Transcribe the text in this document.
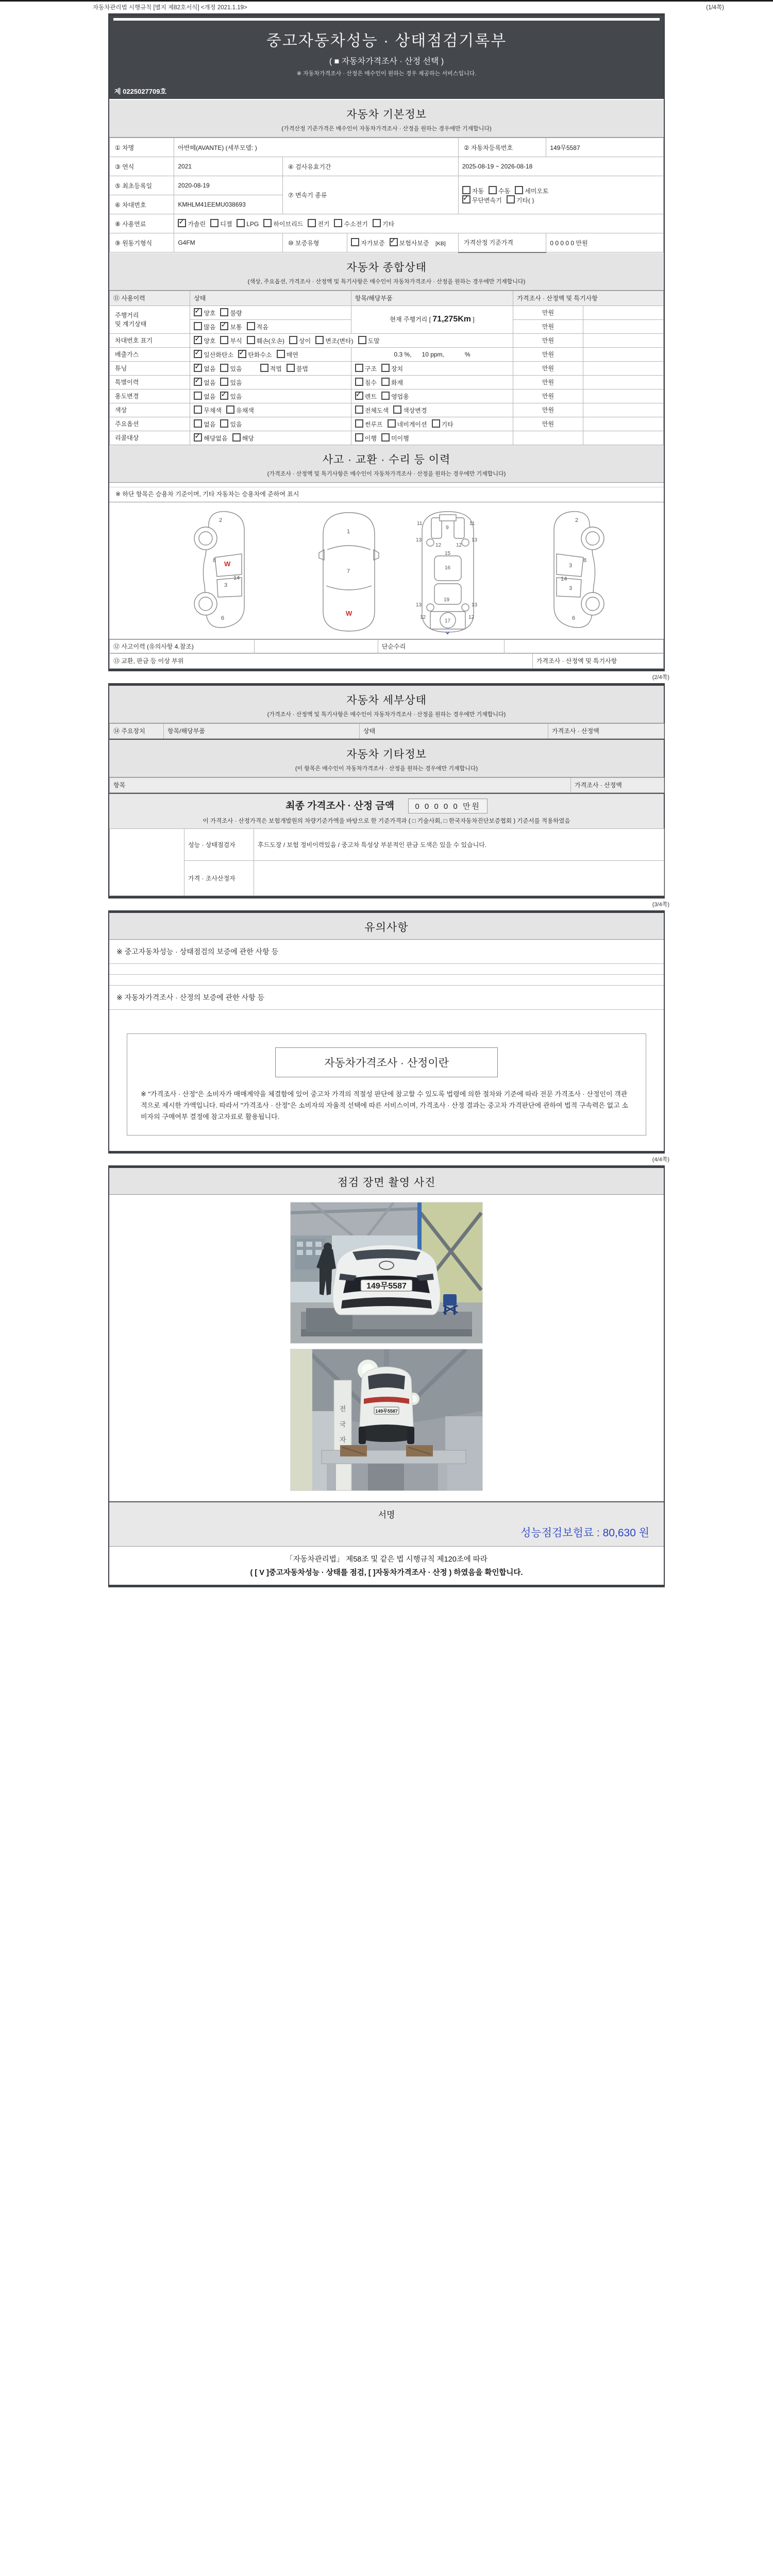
자동차관리법 시행규칙 [별지 제82호서식] <개정 2021.1.19>	(1/4쪽)
중고자동차성능 · 상태점검기록부
( ■ 자동차가격조사 · 산정 선택 )
※ 자동차가격조사 · 산정은 매수인이 원하는 경우 제공하는 서비스입니다.
제 0225027709호
자동차 기본정보
(가격산정 기준가격은 매수인이 자동차가격조사 · 산정을 원하는 경우에만 기재합니다)
① 차명	아반떼(AVANTE) (세부모델: )			② 자동차등록번호	149무5587
③ 연식	2021	④ 검사유효기간		2025-08-19 ~ 2026-08-18	
⑤ 최초등록일	2020-08-19	⑦ 변속기 종류		자동 수동 세미오토
✓무단변속기 기타( )
⑥ 차대번호	KMHLM41EEMU038693				
⑧ 사용연료	✓가솔린 디젤 LPG 하이브리드 전기 수소전기 기타
⑨ 원동기형식	G4FM	⑩ 보증유형	자가보증 ✓ 보험사보증 [KB]	가격산정 기준가격	0 0 0 0 0 만원
자동차 종합상태
(색상, 주요옵션, 가격조사 · 산정액 및 특기사항은 매수인이 자동차가격조사 · 산정을 원하는 경우에만 기재합니다)
⑪ 사용이력	상태	항목/해당부품	가격조사 · 산정액 및 특기사항	
주행거리
및 계기상태	✓양호 불량	현재 주행거리 [ 71,275Km ]	만원	
	많음 ✓ 보통 적음		만원	
차대번호 표기	✓양호 부식 훼손(오손) 상이 변조(변타) 도말		만원	
배출가스	✓일산화탄소 ✓ 탄화수소 매연	0.3 %,      10 ppm,            %	만원	
튜닝	✓없음 있음 적법 불법	구조 장치	만원	
특별이력	✓없음 있음	침수 화재	만원	
용도변경	없음 ✓ 있음	✓렌트 영업용	만원	
색상	무채색 유채색	전체도색 색상변경	만원	
주요옵션	없음 있음	썬루프 네비게이션 기타	만원	
리콜대상	✓해당없음 해당	이행 미이행		
사고 · 교환 · 수리 등 이력
(가격조사 · 산정액 및 특기사항은 매수인이 자동차가격조사 · 산정을 원하는 경우에만 기재합니다)
※ 하단 항목은 승용차 기준이며, 기타 자동차는 승용차에 준하여 표시
2
8 W
14
3
6
1
7
W
11	11
9
13	13
12	12
15
16
13	13
19
12	12
17
X
2
3
8
14
3
6
⑫ 사고이력 (유의사항 4.참조)		단순수리	
⑬ 교환, 판금 등 이상 부위	가격조사 · 산정액 및 특기사항
(2/4쪽)
자동차 세부상태
(가격조사 · 산정액 및 특기사항은 매수인이 자동차가격조사 · 산정을 원하는 경우에만 기재합니다)
⑭ 주요장치	항목/해당부품	상태	가격조사 · 산정액
자동차 기타정보
(이 항목은 매수인이 자동차가격조사 · 산정을 원하는 경우에만 기재합니다)
항목	가격조사 · 산정액
최종 가격조사 · 산정 금액	0 0 0 0 0 만원
이 가격조사 · 산정가격은 보험개발원의 차량기준가액을 바탕으로 한 기준가격과 ( □ 기술사회, □ 한국자동차진단보증협회 ) 기준서를 적용하였음
	성능 · 상태점검자	후드도장 / 보험 정비이력있음 / 중고차 특성상 부분적인 판금 도색은 있을 수 있습니다.
	가격 · 조사산정자	
(3/4쪽)
유의사항
※ 중고자동차성능 · 상태점검의 보증에 관한 사항 등
※ 자동차가격조사 · 산정의 보증에 관한 사항 등
자동차가격조사 · 산정이란
※ "가격조사 · 산정"은 소비자가 매매계약을 체결함에 있어 중고차 가격의 적절성 판단에 참고할 수 있도록 법령에 의한 절차와 기준에 따라 전문 가격조사 · 산정인이 객관적으로 제시한 가액입니다. 따라서 "가격조사 · 산정"은 소비자의 자율적 선택에 따른 서비스이며, 가격조사 · 산정 결과는 중고차 가격판단에 관하여 법적 구속력은 없고 소비자의 구매여부 결정에 참고자료로 활용됩니다.
(4/4쪽)
점검 장면 촬영 사진
149무5587
전
국
자
149무5587
서명
성능점검보험료 : 80,630 원
「자동차관리법」 제58조 및 같은 법 시행규칙 제120조에 따라
( [ V ]중고자동차성능 · 상태를 점검, [ ]자동차가격조사 · 산정 ) 하였음을 확인합니다.
